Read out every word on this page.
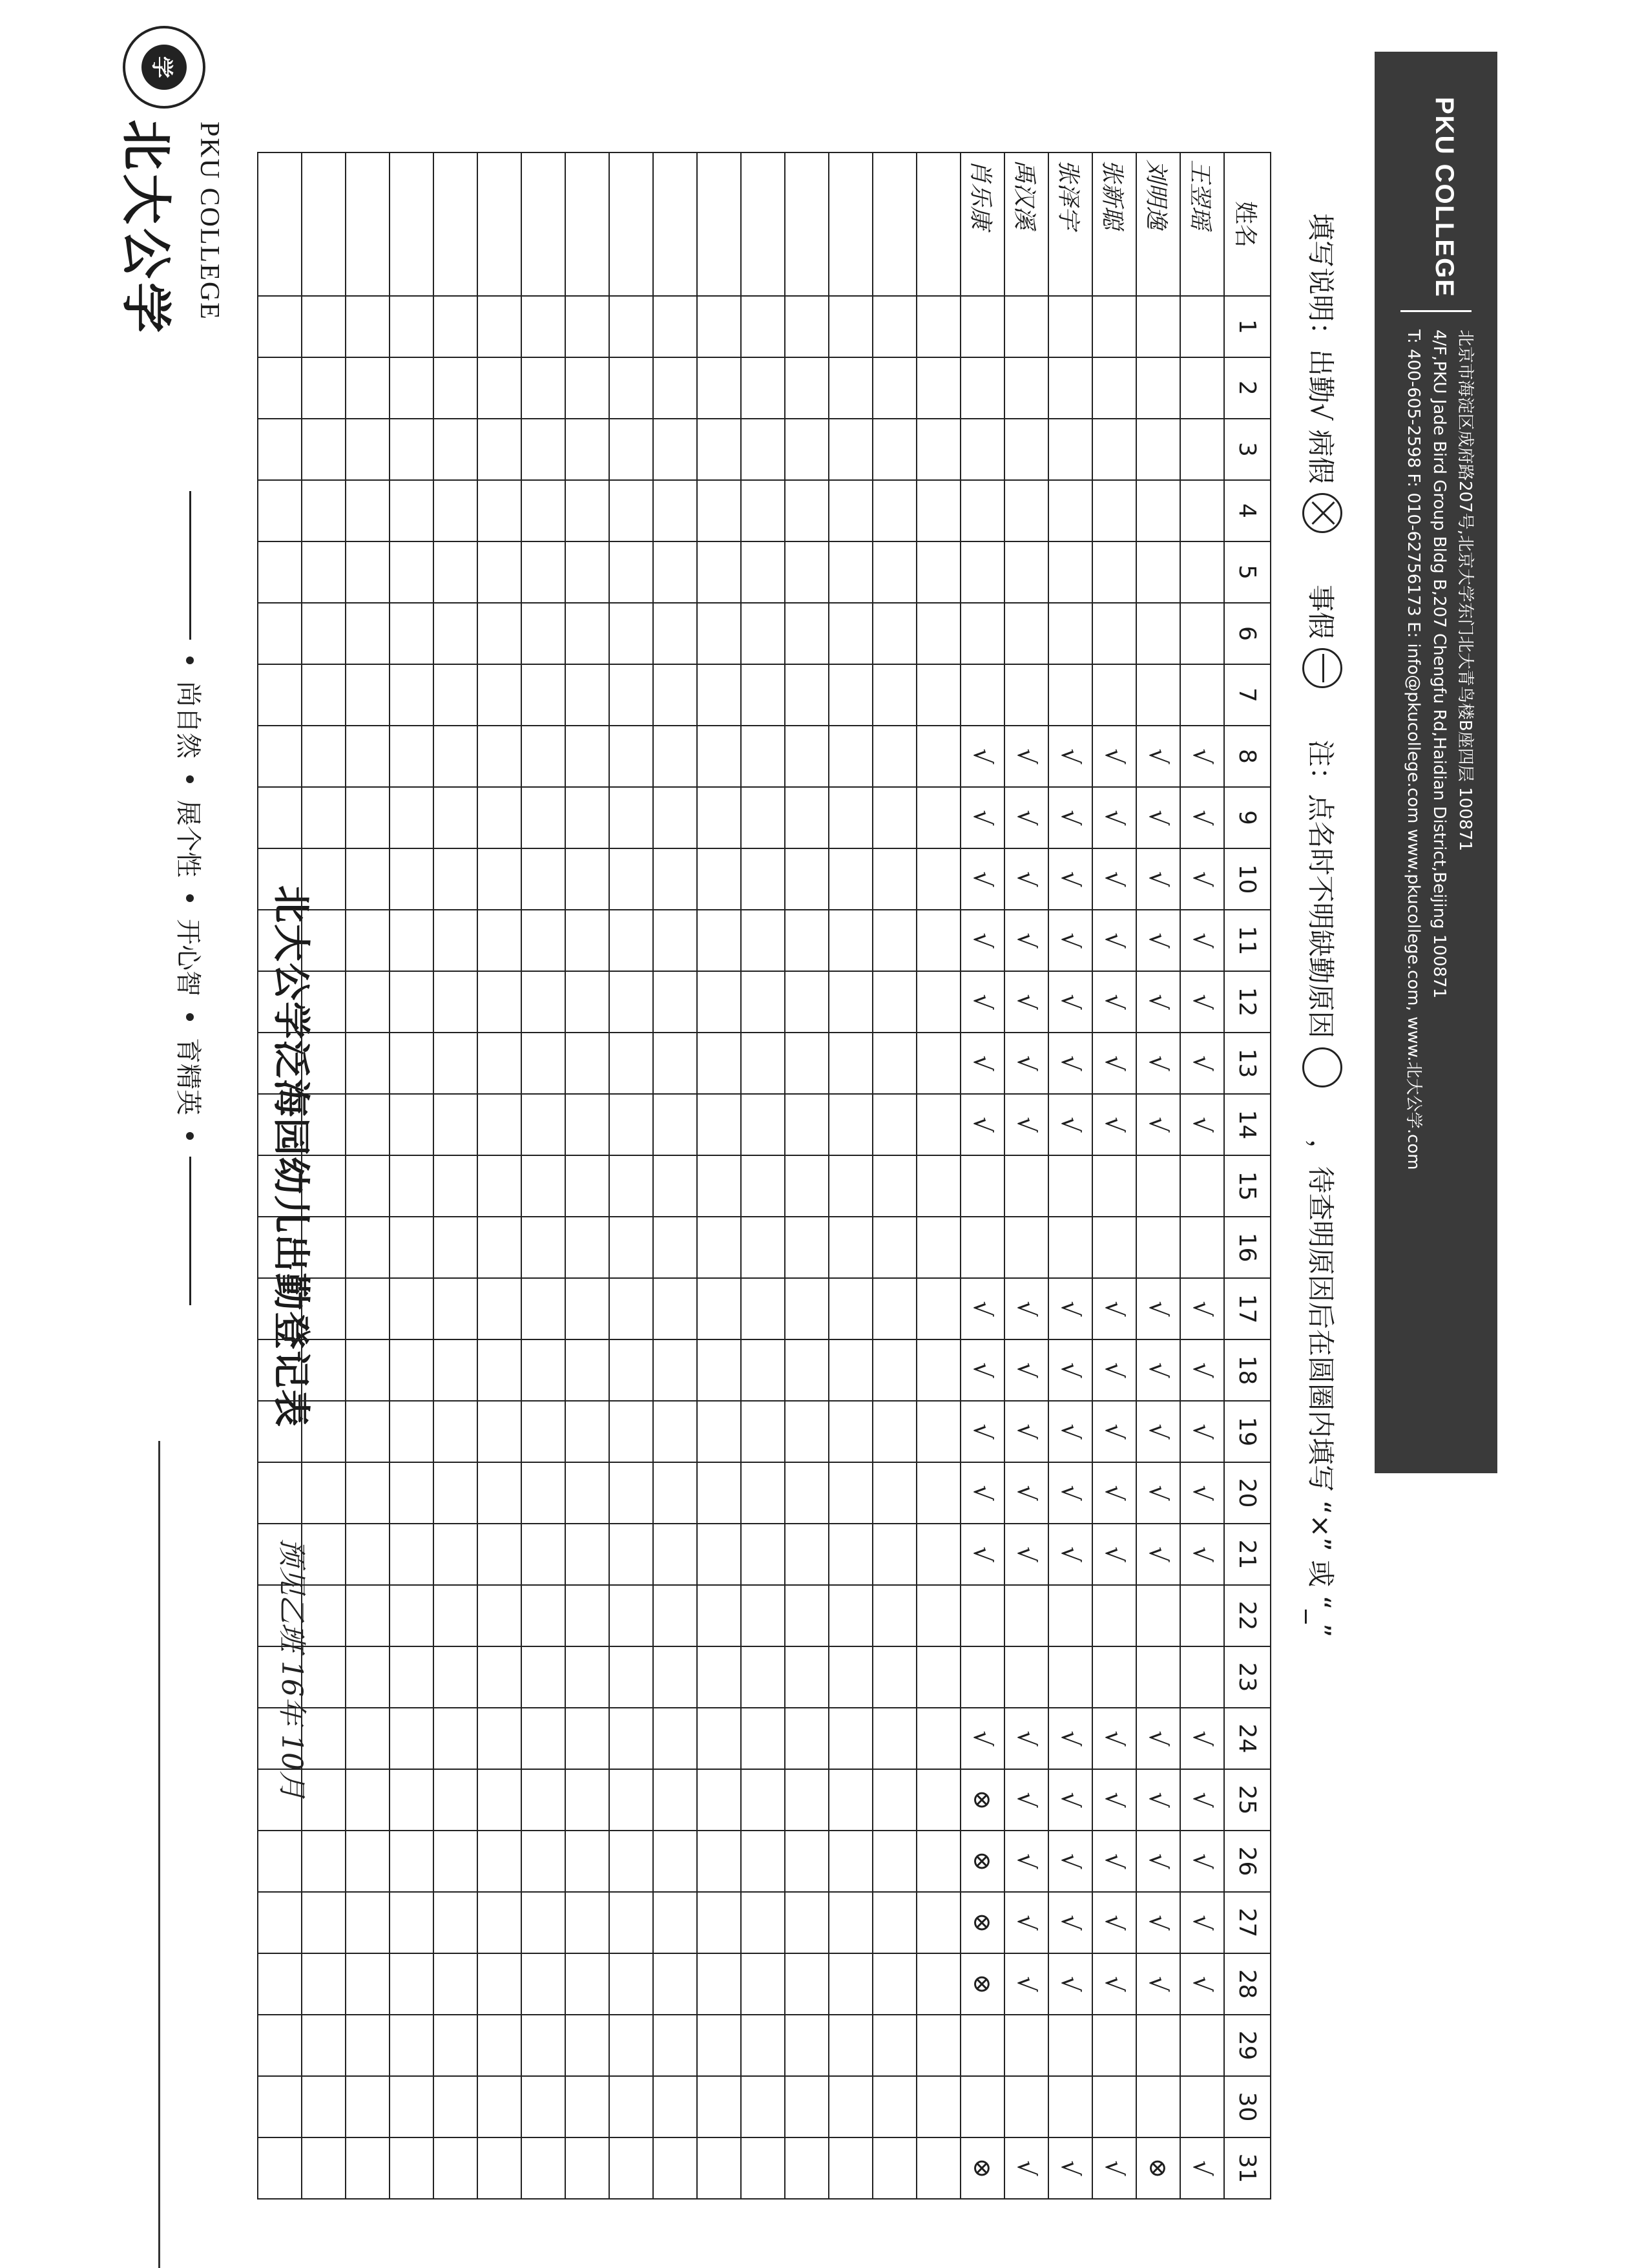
学
北大公学 PKU COLLEGE
尚自然
展个性
开心智
育精英 北大公学泛海园幼儿出勤登记表
预见乙班 16年 10月
姓名	1	2	3	4	5	6	7	8	9	10	11	12	13	14	15	16	17	18	19	20	21	22	23	24	25	26	27	28	29	30	31
王翌瑶								√	√	√	√	√	√	√			√	√	√	√	√			√	√	√	√	√			√
刘明逸								√	√	√	√	√	√	√			√	√	√	√	√			√	√	√	√	√			⊗
张新聪								√	√	√	√	√	√	√			√	√	√	√	√			√	√	√	√	√			√
张泽宇								√	√	√	√	√	√	√			√	√	√	√	√			√	√	√	√	√			√
禹汉溪								√	√	√	√	√	√	√			√	√	√	√	√			√	√	√	√	√			√
肖乐康								√	√	√	√	√	√	√			√	√	√	√	√			√	⊗	⊗	⊗	⊗			⊗

填写说明：出勤√
病假
事假
注：点名时不明缺勤原因
，待查明原因后在圆圈内填写 “×” 或 “_”
PKU COLLEGE
北京市海淀区成府路207号,北京大学东门北大青鸟楼B座四层 100871
4/F,PKU Jade Bird Group Bldg B,207 Chengfu Rd,Haidian District,Beijing 100871
T: 400-605-2598 F: 010-62756173 E: info@pkucollege.com www.pkucollege.com, www.北大公学.com
